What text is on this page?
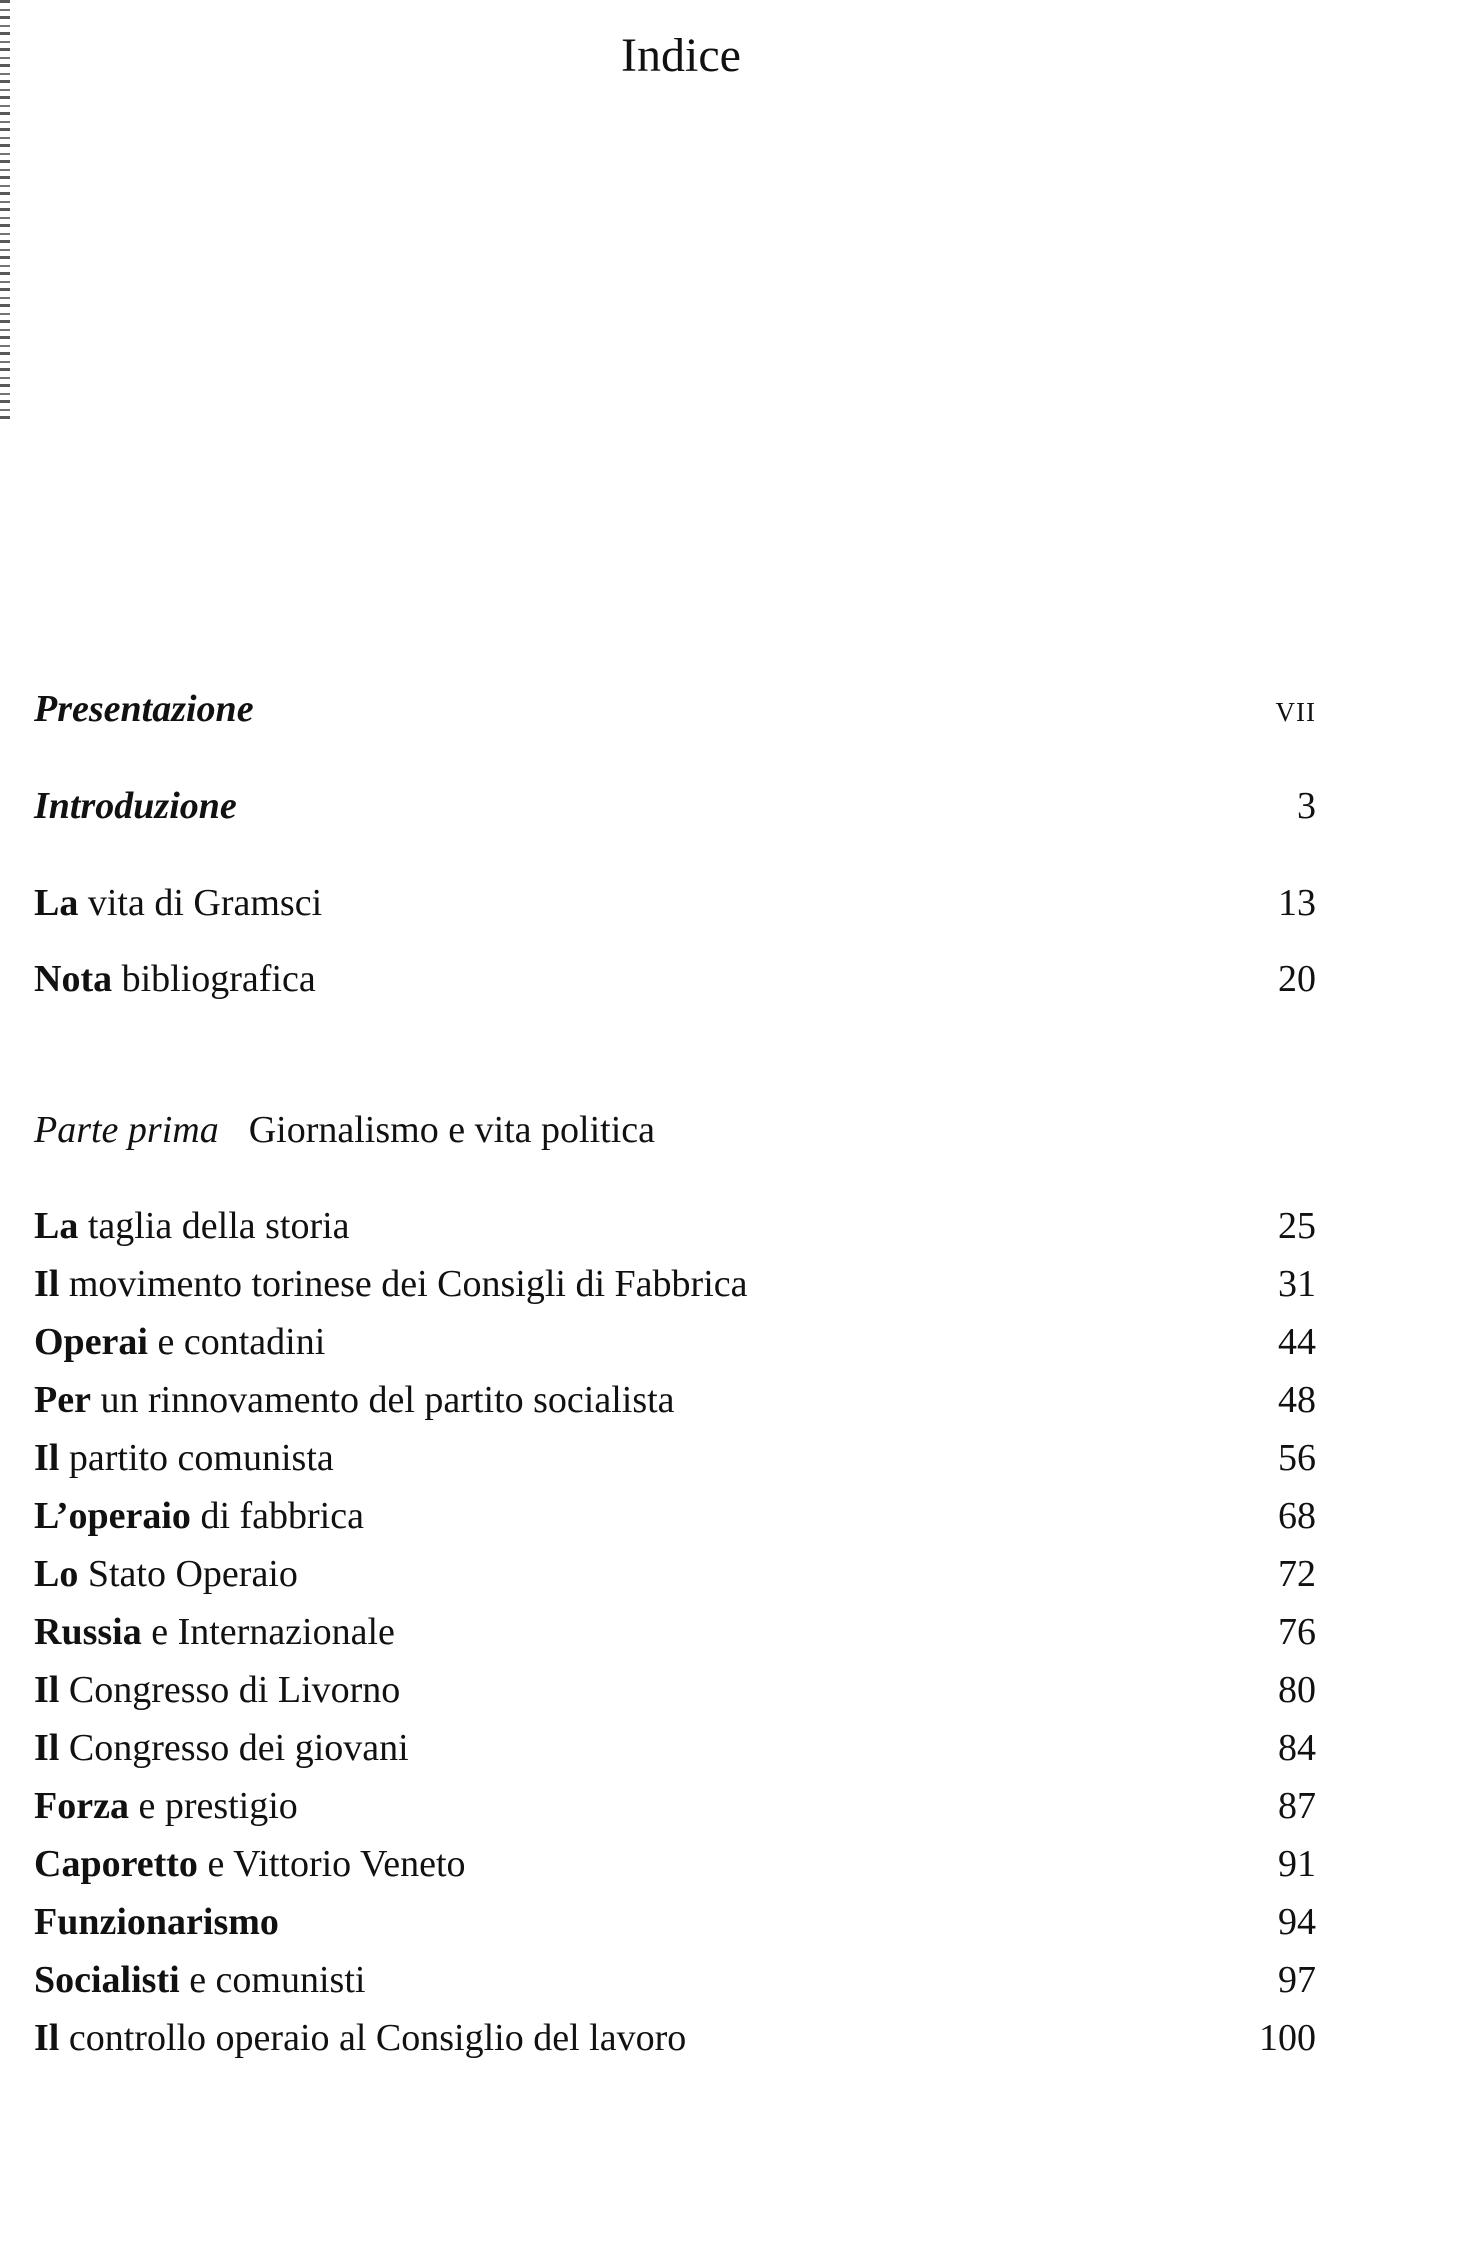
Indice
Presentazione	vii
Introduzione	3
La vita di Gramsci	13
Nota bibliografica	20
Parte prima Giornalismo e vita politica
La taglia della storia	25
Il movimento torinese dei Consigli di Fabbrica	31
Operai e contadini	44
Per un rinnovamento del partito socialista	48
Il partito comunista	56
L’operaio di fabbrica	68
Lo Stato Operaio	72
Russia e Internazionale	76
Il Congresso di Livorno	80
Il Congresso dei giovani	84
Forza e prestigio	87
Caporetto e Vittorio Veneto	91
Funzionarismo	94
Socialisti e comunisti	97
Il controllo operaio al Consiglio del lavoro	100
